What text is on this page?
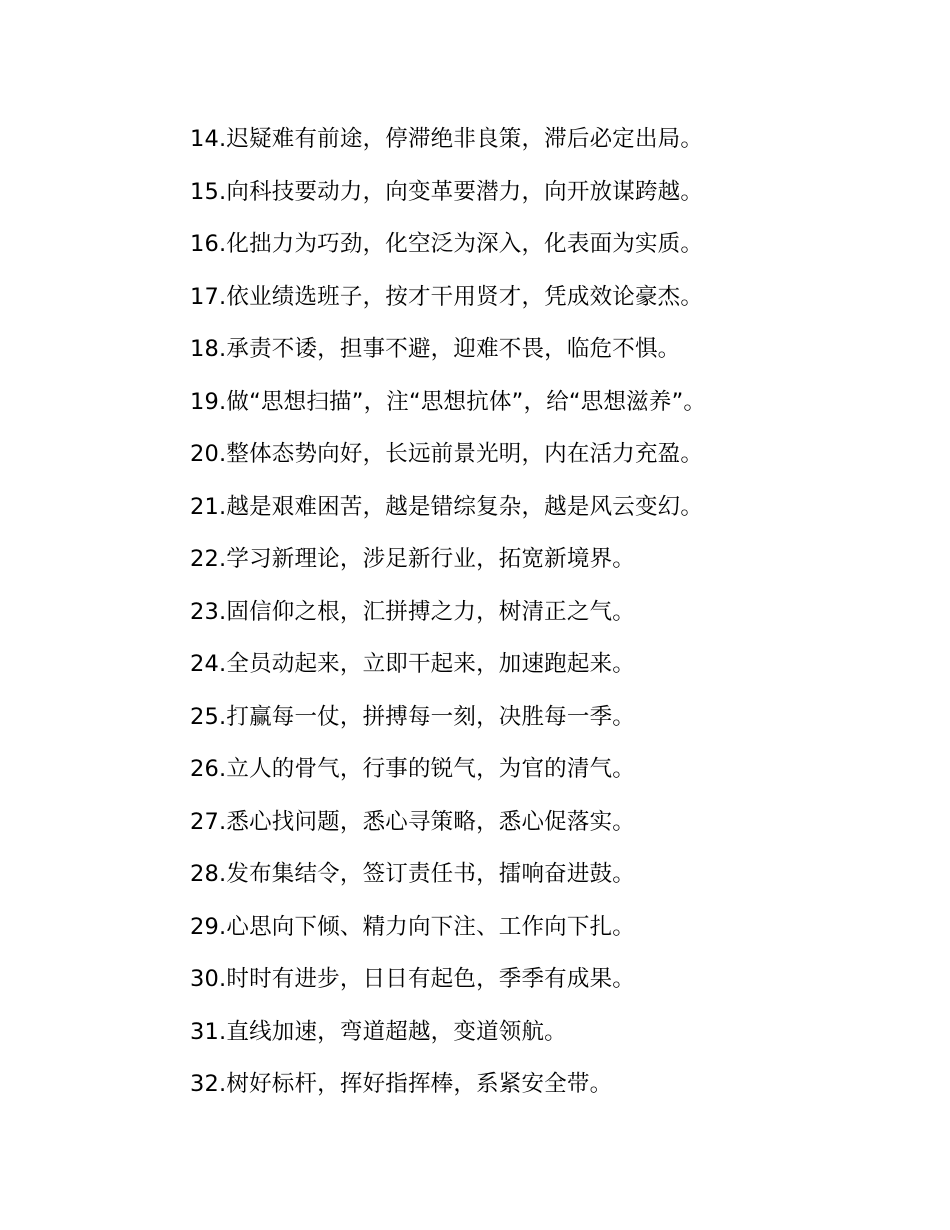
14.迟疑难有前途，停滞绝非良策，滞后必定出局。
15.向科技要动力，向变革要潜力，向开放谋跨越。
16.化拙力为巧劲，化空泛为深入，化表面为实质。
17.依业绩选班子，按才干用贤才，凭成效论豪杰。
18.承责不诿，担事不避，迎难不畏，临危不惧。
19.做“思想扫描”，注“思想抗体”，给“思想滋养”。
20.整体态势向好，长远前景光明，内在活力充盈。
21.越是艰难困苦，越是错综复杂，越是风云变幻。
22.学习新理论，涉足新行业，拓宽新境界。
23.固信仰之根，汇拼搏之力，树清正之气。
24.全员动起来，立即干起来，加速跑起来。
25.打赢每一仗，拼搏每一刻，决胜每一季。
26.立人的骨气，行事的锐气，为官的清气。
27.悉心找问题，悉心寻策略，悉心促落实。
28.发布集结令，签订责任书，擂响奋进鼓。
29.心思向下倾、精力向下注、工作向下扎。
30.时时有进步，日日有起色，季季有成果。
31.直线加速，弯道超越，变道领航。
32.树好标杆，挥好指挥棒，系紧安全带。
